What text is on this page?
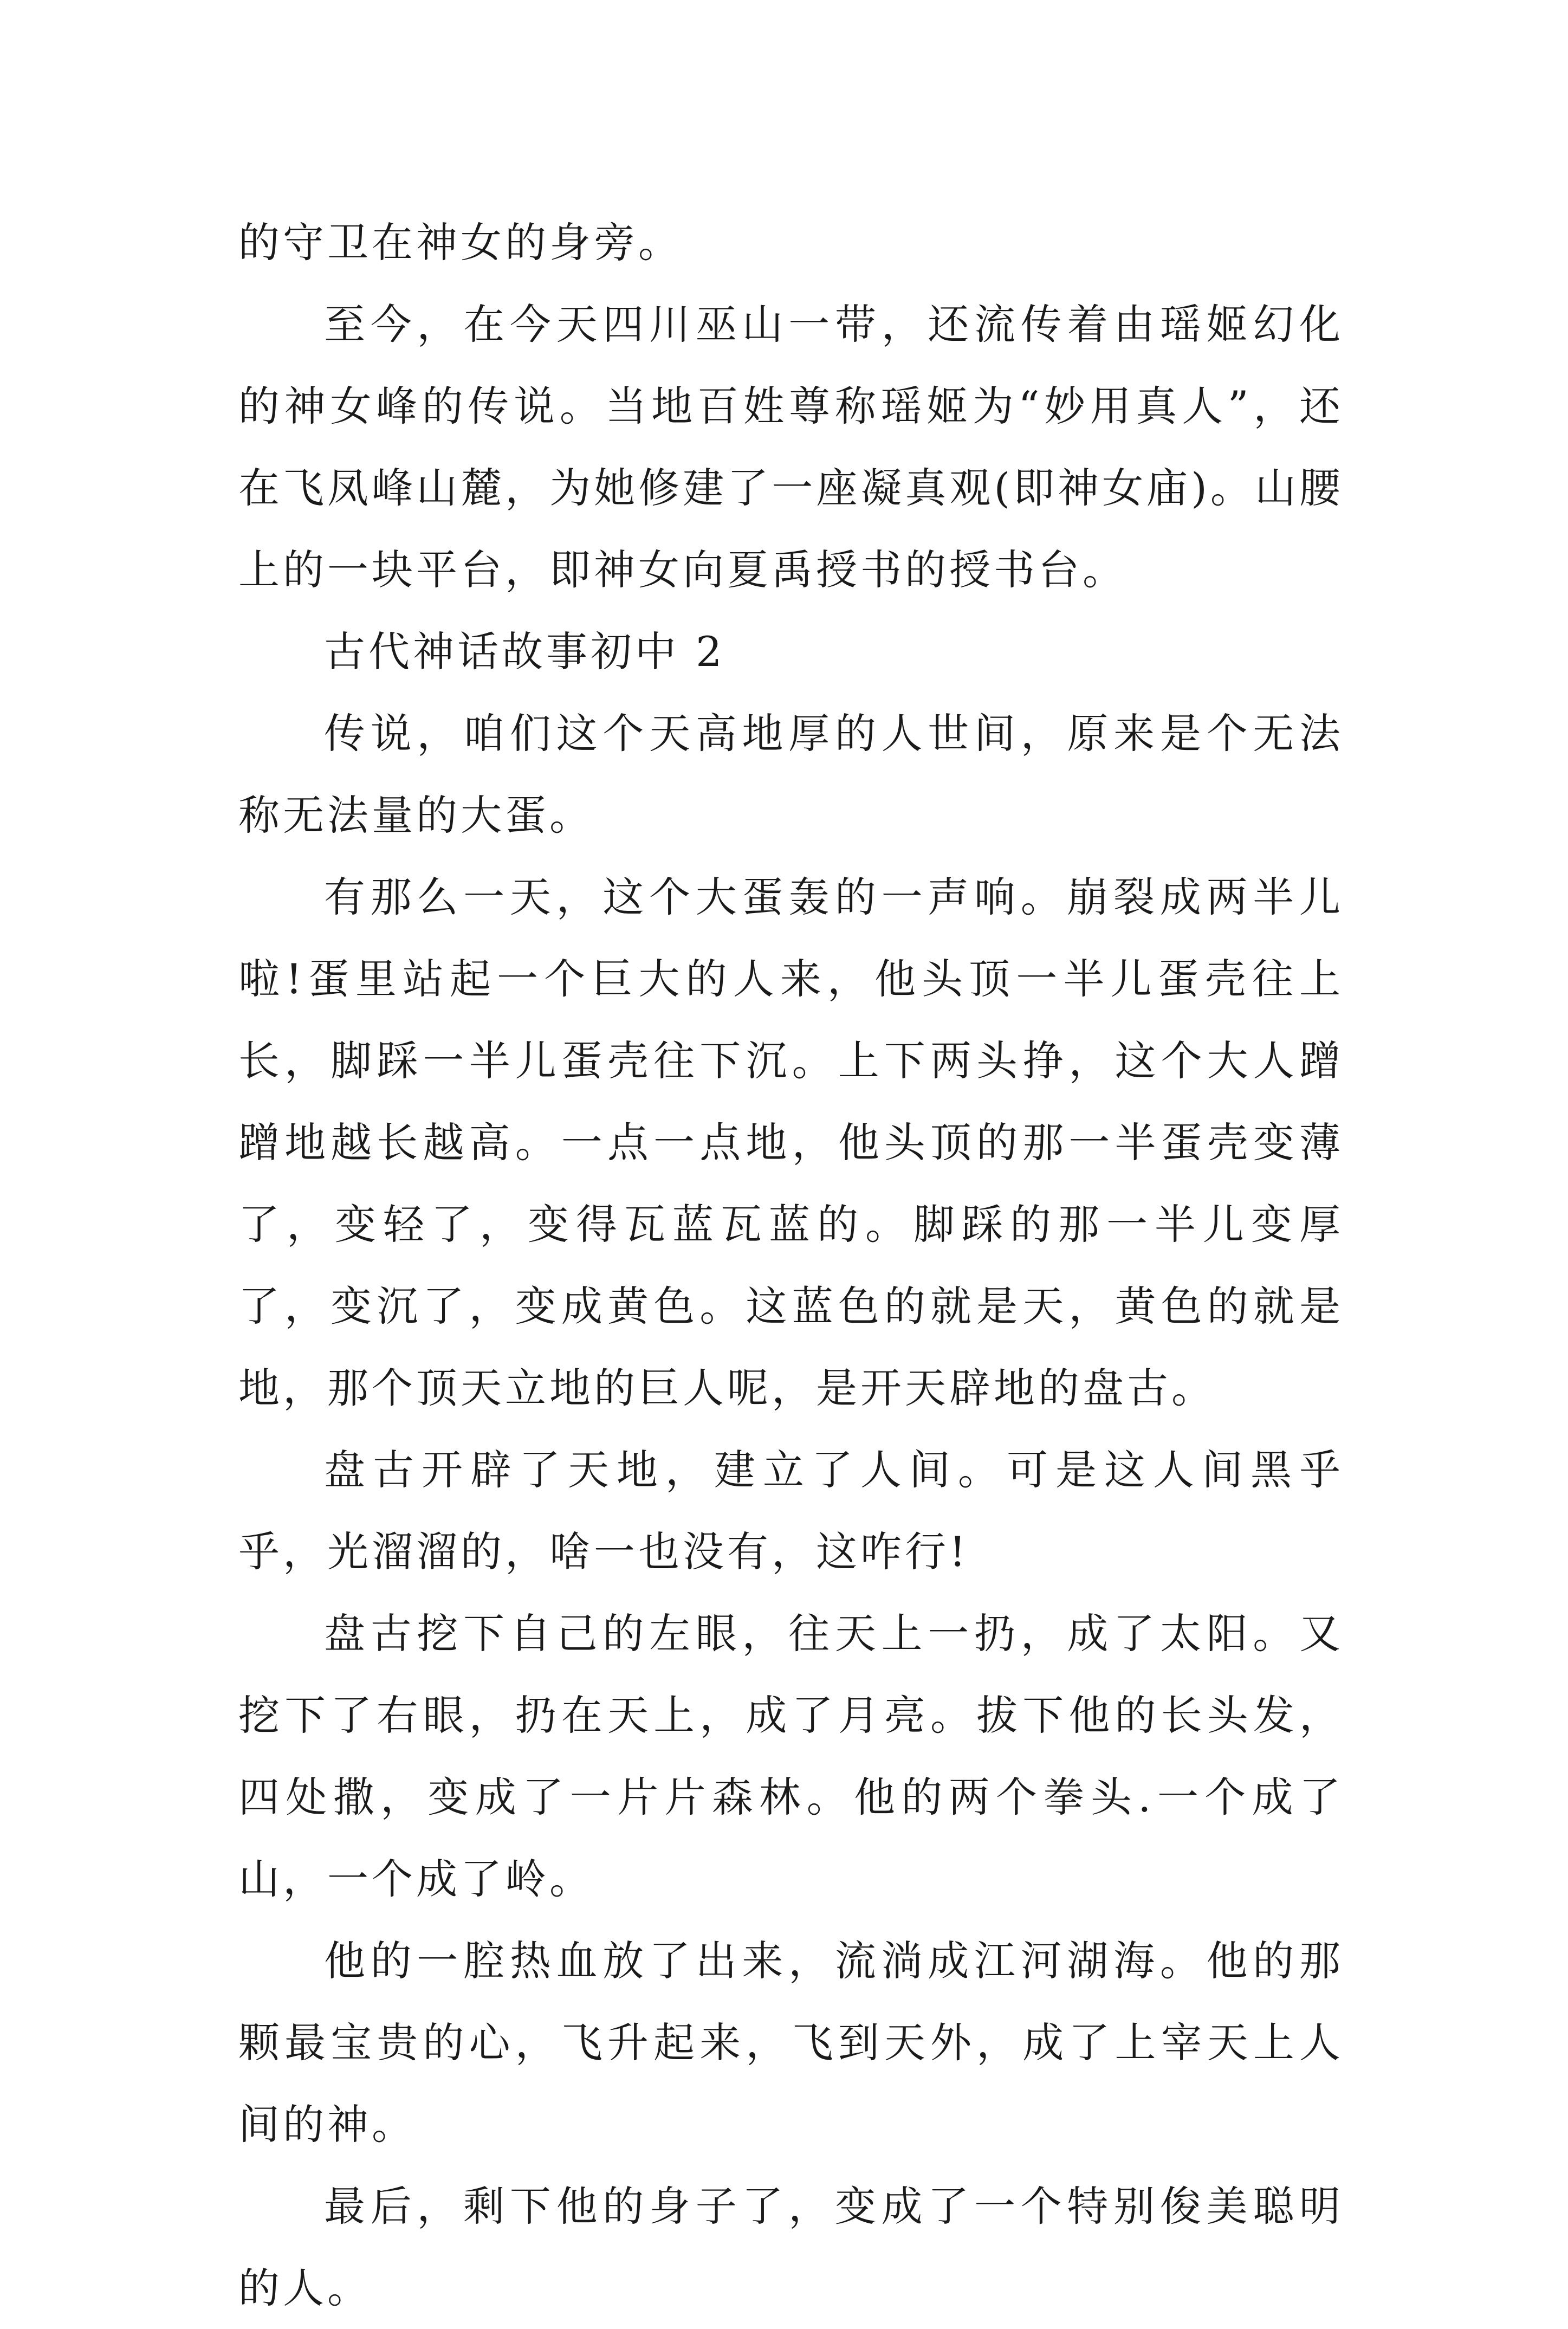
的守卫在神女的身旁。

至今，在今天四川巫山一带，还流传着由瑶姬幻化的神女峰的传说。当地百姓尊称瑶姬为“妙用真人”，还在飞凤峰山麓，为她修建了一座凝真观(即神女庙)。山腰上的一块平台，即神女向夏禹授书的授书台。

古代神话故事初中 2

传说，咱们这个天高地厚的人世间，原来是个无法称无法量的大蛋。

有那么一天，这个大蛋轰的一声响。崩裂成两半儿啦!蛋里站起一个巨大的人来，他头顶一半儿蛋壳往上长，脚踩一半儿蛋壳往下沉。上下两头挣，这个大人蹭蹭地越长越高。一点一点地，他头顶的那一半蛋壳变薄了，变轻了，变得瓦蓝瓦蓝的。脚踩的那一半儿变厚了，变沉了，变成黄色。这蓝色的就是天，黄色的就是地，那个顶天立地的巨人呢，是开天辟地的盘古。

盘古开辟了天地，建立了人间。可是这人间黑乎乎，光溜溜的，啥一也没有，这咋行!

盘古挖下自己的左眼，往天上一扔，成了太阳。又挖下了右眼，扔在天上，成了月亮。拔下他的长头发，四处撒，变成了一片片森林。他的两个拳头.一个成了山，一个成了岭。

他的一腔热血放了出来，流淌成江河湖海。他的那颗最宝贵的心，飞升起来，飞到天外，成了上宰天上人间的神。

最后，剩下他的身子了，变成了一个特别俊美聪明的人。
